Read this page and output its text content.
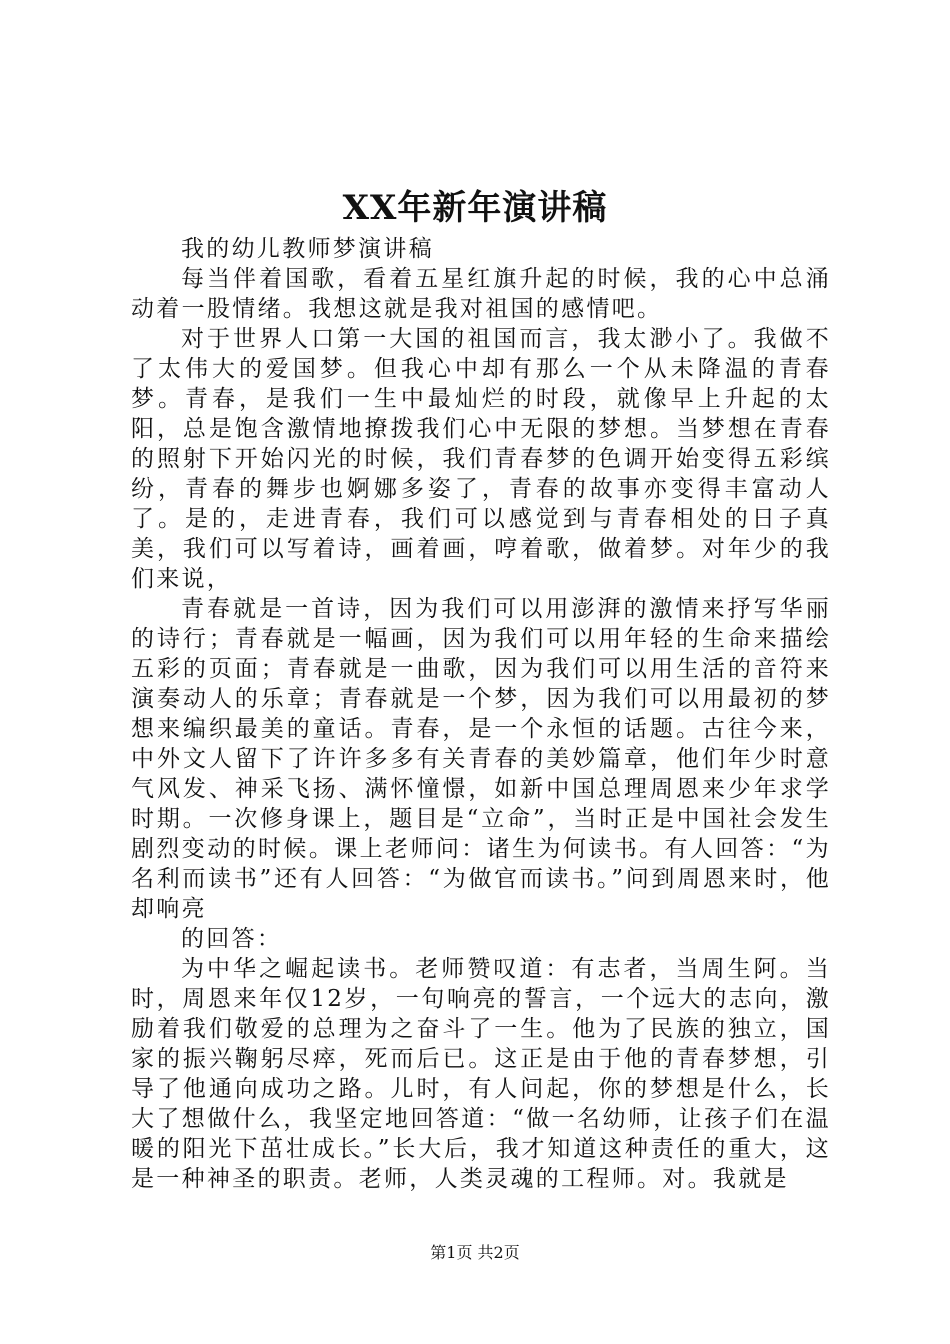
XX年新年演讲稿

我的幼儿教师梦演讲稿

每当伴着国歌，看着五星红旗升起的时候，我的心中总涌动着一股情绪。我想这就是我对祖国的感情吧。

对于世界人口第一大国的祖国而言，我太渺小了。我做不了太伟大的爱国梦。但我心中却有那么一个从未降温的青春梦。青春，是我们一生中最灿烂的时段，就像早上升起的太阳，总是饱含激情地撩拨我们心中无限的梦想。当梦想在青春的照射下开始闪光的时候，我们青春梦的色调开始变得五彩缤纷，青春的舞步也婀娜多姿了，青春的故事亦变得丰富动人了。是的，走进青春，我们可以感觉到与青春相处的日子真美，我们可以写着诗，画着画，哼着歌，做着梦。对年少的我们来说，

青春就是一首诗，因为我们可以用澎湃的激情来抒写华丽的诗行；青春就是一幅画，因为我们可以用年轻的生命来描绘五彩的页面；青春就是一曲歌，因为我们可以用生活的音符来演奏动人的乐章；青春就是一个梦，因为我们可以用最初的梦想来编织最美的童话。青春，是一个永恒的话题。古往今来，中外文人留下了许许多多有关青春的美妙篇章，他们年少时意气风发、神采飞扬、满怀憧憬，如新中国总理周恩来少年求学时期。一次修身课上，题目是“立命”，当时正是中国社会发生剧烈变动的时候。课上老师问：诸生为何读书。有人回答：“为名利而读书”还有人回答：“为做官而读书。”问到周恩来时，他却响亮

的回答：

为中华之崛起读书。老师赞叹道：有志者，当周生阿。当时，周恩来年仅12岁，一句响亮的誓言，一个远大的志向，激励着我们敬爱的总理为之奋斗了一生。他为了民族的独立，国家的振兴鞠躬尽瘁，死而后已。这正是由于他的青春梦想，引导了他通向成功之路。儿时，有人问起，你的梦想是什么，长大了想做什么，我坚定地回答道：“做一名幼师，让孩子们在温暖的阳光下茁壮成长。”长大后，我才知道这种责任的重大，这是一种神圣的职责。老师，人类灵魂的工程师。对。我就是

第1页 共2页
